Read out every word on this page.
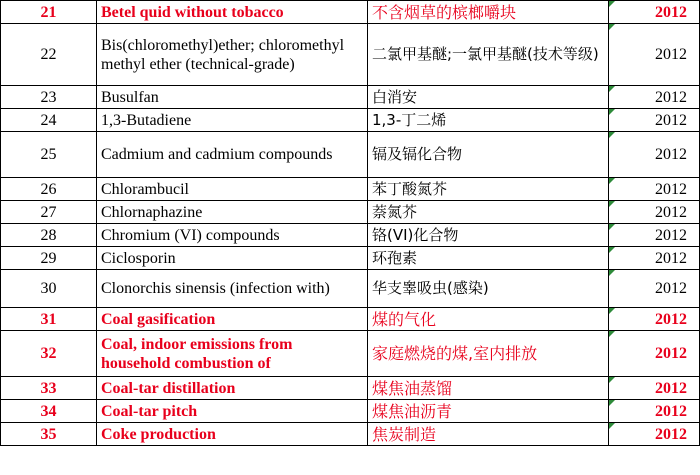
21	Betel quid without tobacco	不含烟草的槟榔嚼块	2012

22	Bis(chloromethyl)ether; chloromethyl methyl ether (technical-grade)	二氯甲基醚;一氯甲基醚(技术等级)	2012

23	Busulfan	白消安	2012

24	1,3-Butadiene	1,3-丁二烯	2012

25	Cadmium and cadmium compounds	镉及镉化合物	2012

26	Chlorambucil	苯丁酸氮芥	2012

27	Chlornaphazine	萘氮芥	2012

28	Chromium (VI) compounds	铬(VI)化合物	2012

29	Ciclosporin	环孢素	2012

30	Clonorchis sinensis (infection with)	华支睾吸虫(感染)	2012

31	Coal gasification	煤的气化	2012

32	Coal, indoor emissions from household combustion of	家庭燃烧的煤,室内排放	2012

33	Coal-tar distillation	煤焦油蒸馏	2012

34	Coal-tar pitch	煤焦油沥青	2012

35	Coke production	焦炭制造	2012
